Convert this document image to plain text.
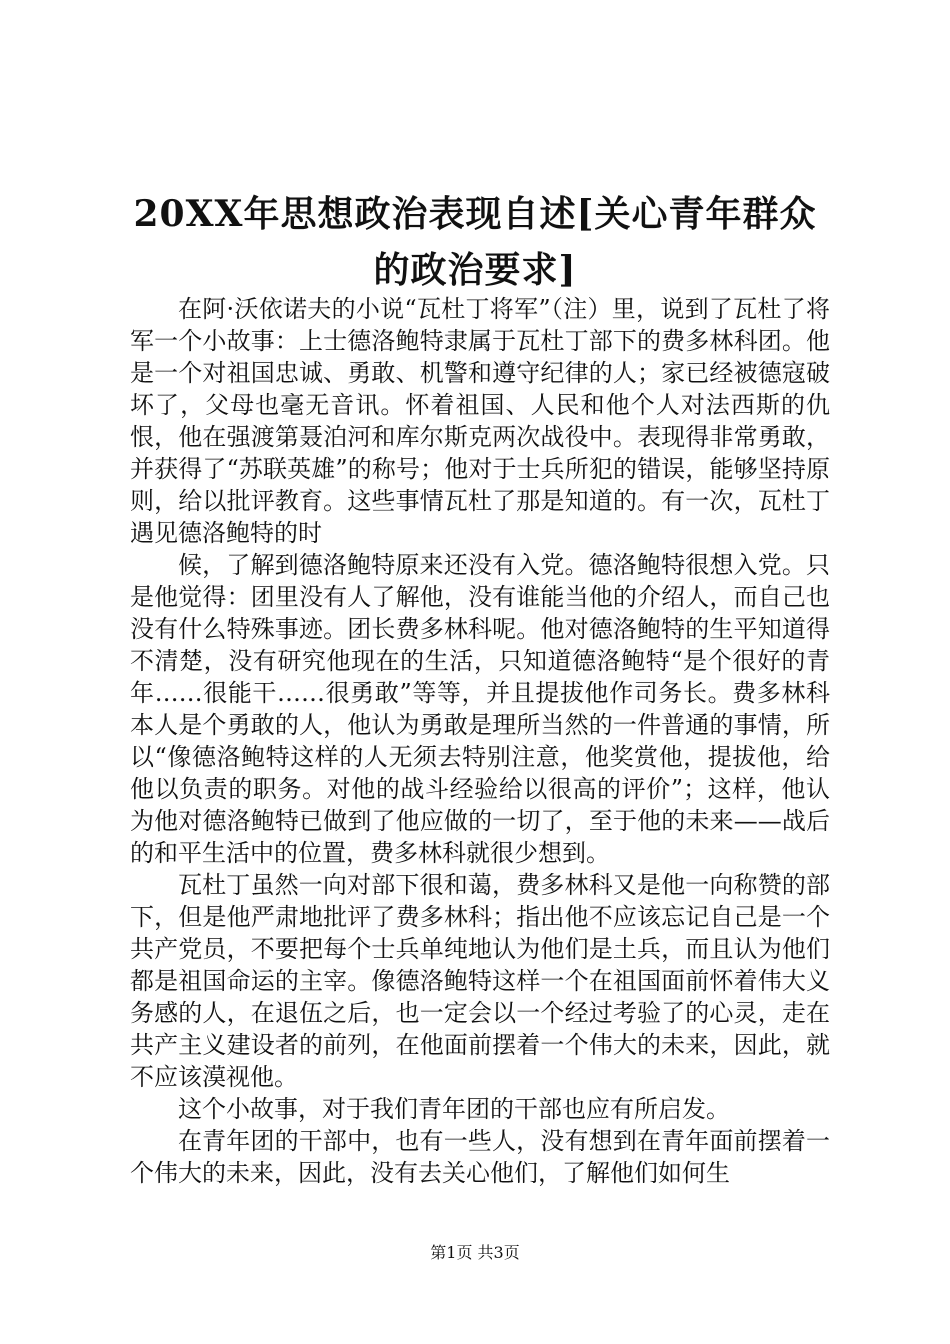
20XX年思想政治表现自述[关心青年群众的政治要求]

在阿·沃依诺夫的小说“瓦杜丁将军”（注）里，说到了瓦杜了将军一个小故事：上士德洛鲍特隶属于瓦杜丁部下的费多林科团。他是一个对祖国忠诚、勇敢、机警和遵守纪律的人；家已经被德寇破坏了，父母也毫无音讯。怀着祖国、人民和他个人对法西斯的仇恨，他在强渡第聂泊河和库尔斯克两次战役中。表现得非常勇敢，并获得了“苏联英雄”的称号；他对于士兵所犯的错误，能够坚持原则，给以批评教育。这些事情瓦杜了那是知道的。有一次，瓦杜丁遇见德洛鲍特的时

候，了解到德洛鲍特原来还没有入党。德洛鲍特很想入党。只是他觉得：团里没有人了解他，没有谁能当他的介绍人，而自己也没有什么特殊事迹。团长费多林科呢。他对德洛鲍特的生平知道得不清楚，没有研究他现在的生活，只知道德洛鲍特“是个很好的青年……很能干……很勇敢”等等，并且提拔他作司务长。费多林科本人是个勇敢的人，他认为勇敢是理所当然的一件普通的事情，所以“像德洛鲍特这样的人无须去特别注意，他奖赏他，提拔他，给他以负责的职务。对他的战斗经验给以很高的评价”；这样，他认为他对德洛鲍特已做到了他应做的一切了，至于他的未来——战后的和平生活中的位置，费多林科就很少想到。

瓦杜丁虽然一向对部下很和蔼，费多林科又是他一向称赞的部下，但是他严肃地批评了费多林科；指出他不应该忘记自己是一个共产党员，不要把每个士兵单纯地认为他们是土兵，而且认为他们都是祖国命运的主宰。像德洛鲍特这样一个在祖国面前怀着伟大义务感的人，在退伍之后，也一定会以一个经过考验了的心灵，走在共产主义建设者的前列，在他面前摆着一个伟大的未来，因此，就不应该漠视他。

这个小故事，对于我们青年团的干部也应有所启发。

在青年团的干部中，也有一些人，没有想到在青年面前摆着一个伟大的未来，因此，没有去关心他们，了解他们如何生

第1页 共3页
